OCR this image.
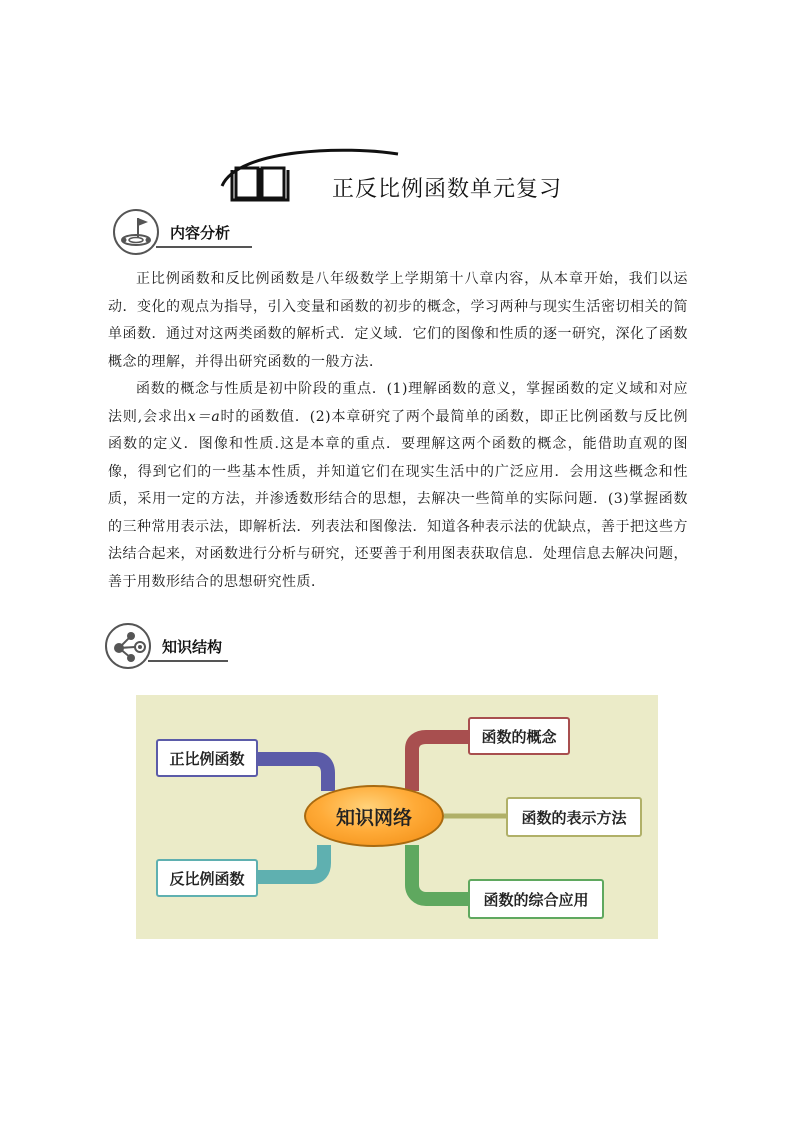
正反比例函数单元复习
内容分析

正比例函数和反比例函数是八年级数学上学期第十八章内容，从本章开始，我们以运动．变化的观点为指导，引入变量和函数的初步的概念，学习两种与现实生活密切相关的简单函数．通过对这两类函数的解析式．定义域．它们的图像和性质的逐一研究，深化了函数概念的理解，并得出研究函数的一般方法．

函数的概念与性质是初中阶段的重点．(1)理解函数的意义，掌握函数的定义域和对应法则,会求出x＝a时的函数值．(2)本章研究了两个最简单的函数，即正比例函数与反比例函数的定义．图像和性质.这是本章的重点．要理解这两个函数的概念，能借助直观的图像，得到它们的一些基本性质，并知道它们在现实生活中的广泛应用．会用这些概念和性质，采用一定的方法，并渗透数形结合的思想，去解决一些简单的实际问题．(3)掌握函数的三种常用表示法，即解析法．列表法和图像法．知道各种表示法的优缺点，善于把这些方法结合起来，对函数进行分析与研究，还要善于利用图表获取信息．处理信息去解决问题，善于用数形结合的思想研究性质．

知识结构
正比例函数
反比例函数
知识网络
函数的概念
函数的表示方法
函数的综合应用
